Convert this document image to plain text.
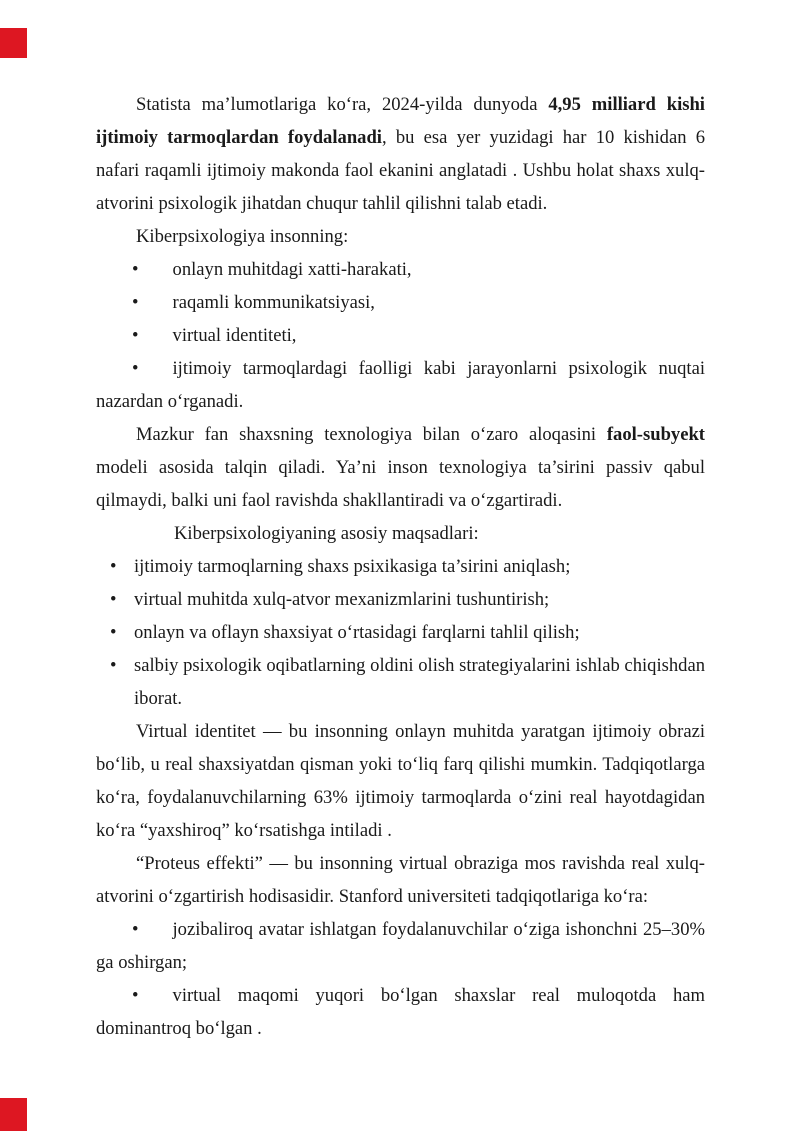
Statista ma’lumotlariga koʻra, 2024-yilda dunyoda 4,95 milliard kishi ijtimoiy tarmoqlardan foydalanadi, bu esa yer yuzidagi har 10 kishidan 6 nafari raqamli ijtimoiy makonda faol ekanini anglatadi . Ushbu holat shaxs xulq-atvorini psixologik jihatdan chuqur tahlil qilishni talab etadi.

Kiberpsixologiya insonning:

• onlayn muhitdagi xatti-harakati,
• raqamli kommunikatsiyasi,
• virtual identiteti,
• ijtimoiy tarmoqlardagi faolligi kabi jarayonlarni psixologik nuqtai nazardan oʻrganadi.

Mazkur fan shaxsning texnologiya bilan oʻzaro aloqasini faol-subyekt modeli asosida talqin qiladi. Ya’ni inson texnologiya ta’sirini passiv qabul qilmaydi, balki uni faol ravishda shakllantiradi va oʻzgartiradi.

Kiberpsixologiyaning asosiy maqsadlari:

• ijtimoiy tarmoqlarning shaxs psixikasiga ta’sirini aniqlash;
• virtual muhitda xulq-atvor mexanizmlarini tushuntirish;
• onlayn va oflayn shaxsiyat oʻrtasidagi farqlarni tahlil qilish;
• salbiy psixologik oqibatlarning oldini olish strategiyalarini ishlab chiqishdan iborat.

Virtual identitet — bu insonning onlayn muhitda yaratgan ijtimoiy obrazi boʻlib, u real shaxsiyatdan qisman yoki toʻliq farq qilishi mumkin. Tadqiqotlarga koʻra, foydalanuvchilarning 63% ijtimoiy tarmoqlarda oʻzini real hayotdagidan koʻra “yaxshiroq” koʻrsatishga intiladi .

“Proteus effekti” — bu insonning virtual obraziga mos ravishda real xulq-atvorini oʻzgartirish hodisasidir. Stanford universiteti tadqiqotlariga koʻra:

• jozibaliroq avatar ishlatgan foydalanuvchilar oʻziga ishonchni 25–30% ga oshirgan;
• virtual maqomi yuqori boʻlgan shaxslar real muloqotda ham dominantroq boʻlgan .
